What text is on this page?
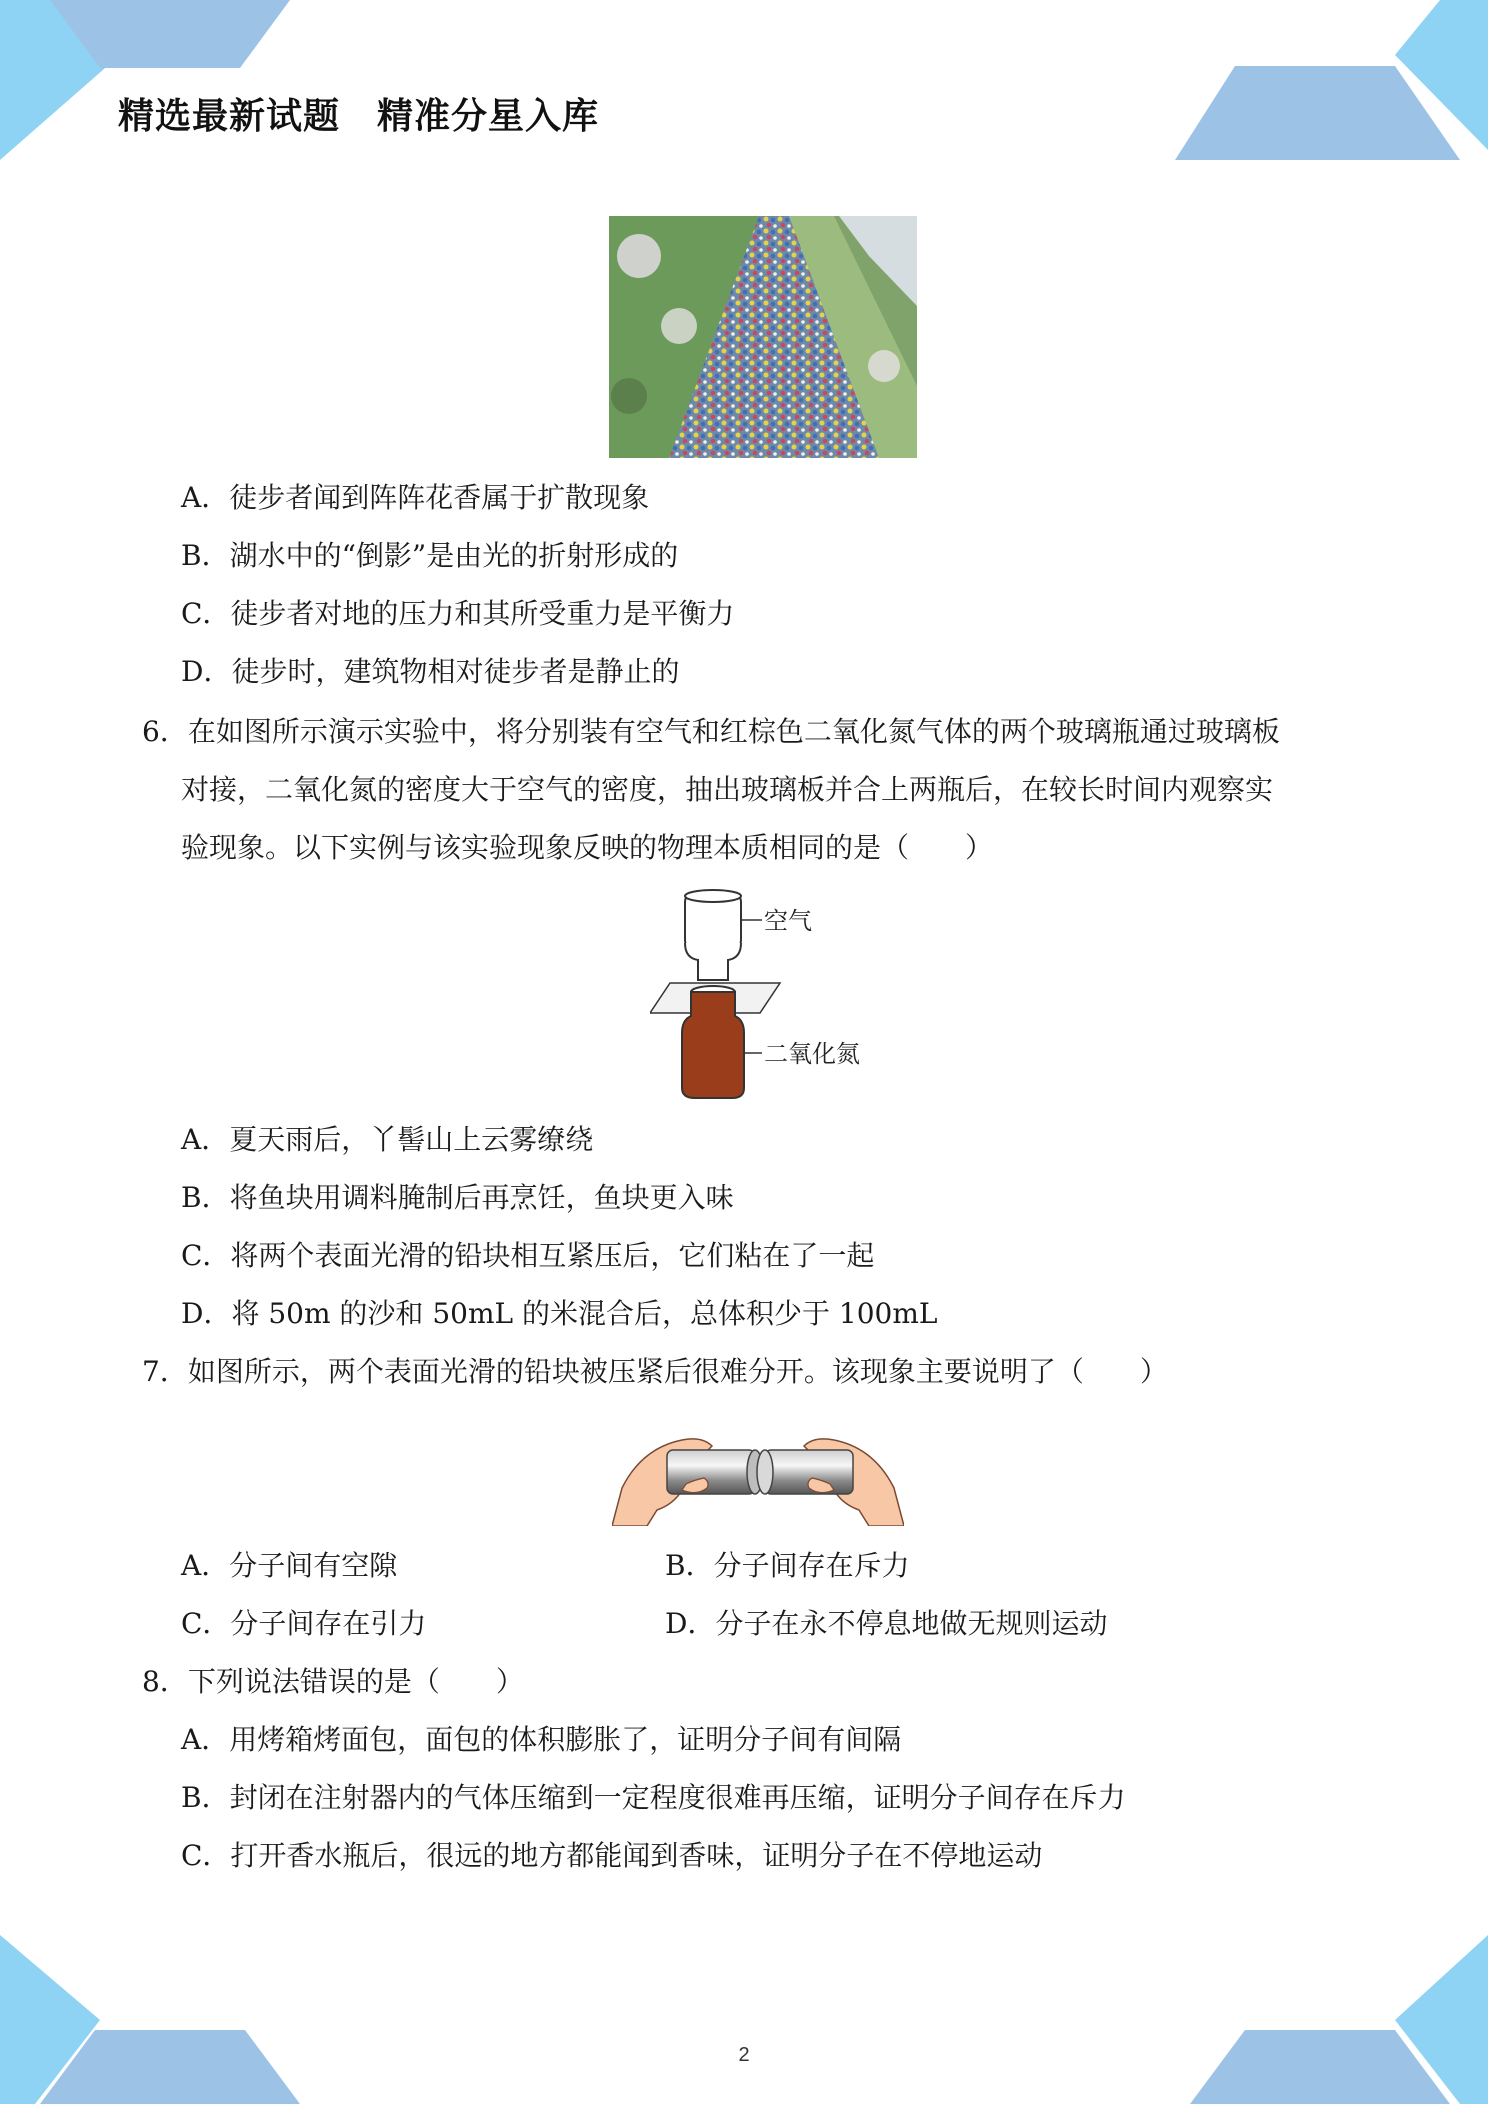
精选最新试题　精准分星入库
A．徒步者闻到阵阵花香属于扩散现象
B．湖水中的“倒影”是由光的折射形成的
C．徒步者对地的压力和其所受重力是平衡力
D．徒步时，建筑物相对徒步者是静止的
6．在如图所示演示实验中，将分别装有空气和红棕色二氧化氮气体的两个玻璃瓶通过玻璃板
对接，二氧化氮的密度大于空气的密度，抽出玻璃板并合上两瓶后，在较长时间内观察实
验现象。以下实例与该实验现象反映的物理本质相同的是（　　）
空气
二氧化氮
A．夏天雨后，丫髻山上云雾缭绕
B．将鱼块用调料腌制后再烹饪，鱼块更入味
C．将两个表面光滑的铅块相互紧压后，它们粘在了一起
D．将 50m 的沙和 50mL 的米混合后，总体积少于 100mL
7．如图所示，两个表面光滑的铅块被压紧后很难分开。该现象主要说明了（　　）
A．分子间有空隙	B．分子间存在斥力
C．分子间存在引力	D．分子在永不停息地做无规则运动
8．下列说法错误的是（　　）
A．用烤箱烤面包，面包的体积膨胀了，证明分子间有间隔
B．封闭在注射器内的气体压缩到一定程度很难再压缩，证明分子间存在斥力
C．打开香水瓶后，很远的地方都能闻到香味，证明分子在不停地运动
2
